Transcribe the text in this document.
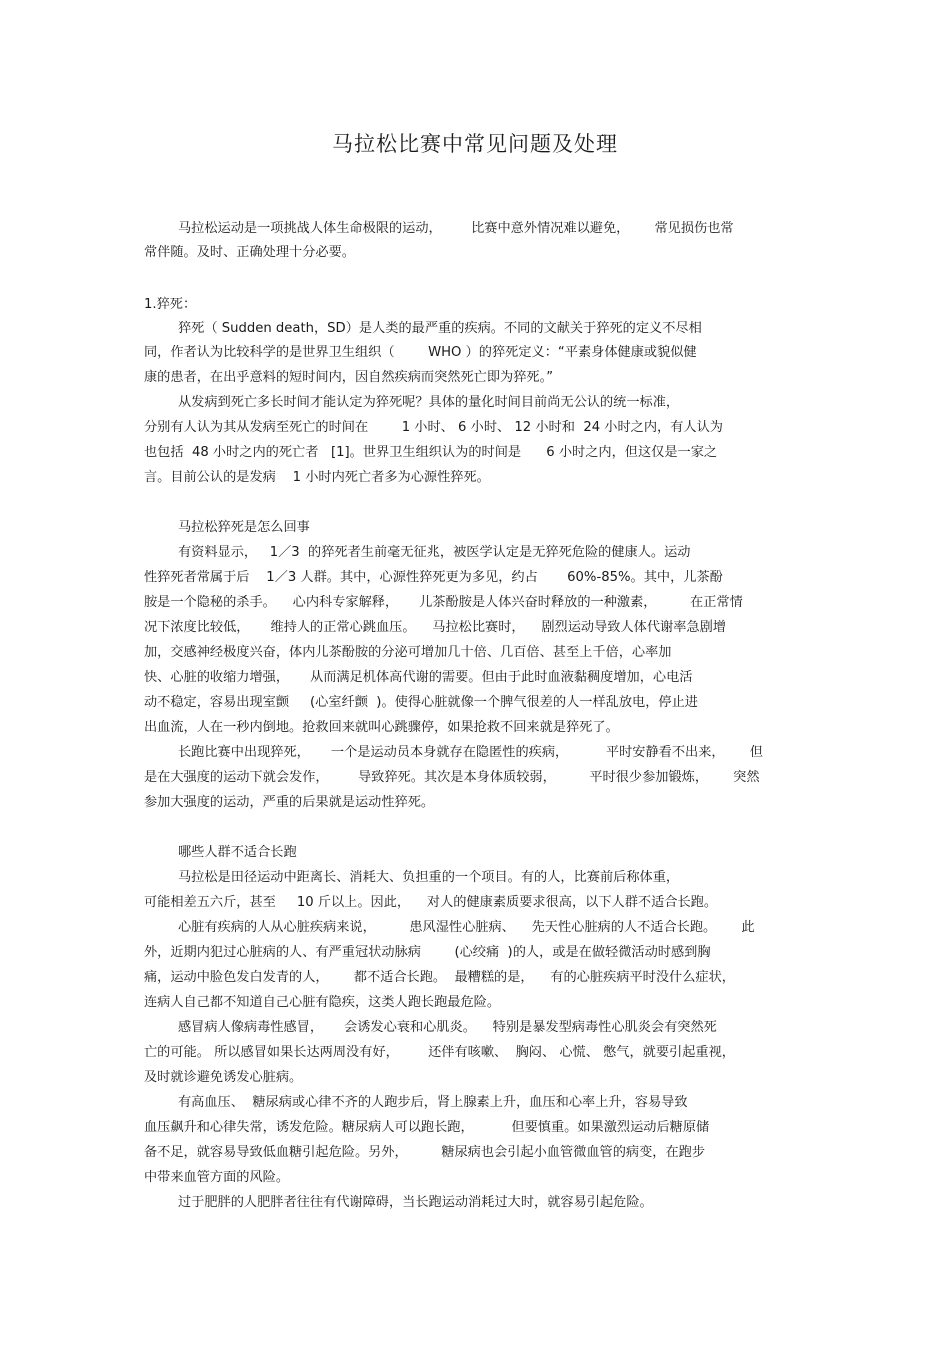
马拉松比赛中常见问题及处理
马拉松运动是一项挑战人体生命极限的运动，       比赛中意外情况难以避免，      常见损伤也常
常伴随。及时、正确处理十分必要。
1.猝死：
猝死（ Sudden death，SD）是人类的最严重的疾病。不同的文献关于猝死的定义不尽相
同，作者认为比较科学的是世界卫生组织（        WHO ）的猝死定义：“平素身体健康或貌似健
康的患者，在出乎意料的短时间内，因自然疾病而突然死亡即为猝死。”
从发病到死亡多长时间才能认定为猝死呢？具体的量化时间目前尚无公认的统一标准，
分别有人认为其从发病至死亡的时间在        1 小时、 6 小时、 12 小时和  24 小时之内，有人认为
也包括  48 小时之内的死亡者   [1]。世界卫生组织认为的时间是      6 小时之内，但这仅是一家之
言。目前公认的是发病    1 小时内死亡者多为心源性猝死。
马拉松猝死是怎么回事
有资料显示，   1／3  的猝死者生前毫无征兆，被医学认定是无猝死危险的健康人。运动
性猝死者常属于后    1／3 人群。其中，心源性猝死更为多见，约占       60%-85%。其中，儿茶酚
胺是一个隐秘的杀手。    心内科专家解释，     儿茶酚胺是人体兴奋时释放的一种激素，        在正常情
况下浓度比较低，     维持人的正常心跳血压。    马拉松比赛时，    剧烈运动导致人体代谢率急剧增
加，交感神经极度兴奋，体内儿茶酚胺的分泌可增加几十倍、几百倍、甚至上千倍，心率加
快、心脏的收缩力增强，     从而满足机体高代谢的需要。但由于此时血液黏稠度增加，心电活
动不稳定，容易出现室颤     (心室纤颤  )。使得心脏就像一个脾气很差的人一样乱放电，停止进
出血流，人在一秒内倒地。抢救回来就叫心跳骤停，如果抢救不回来就是猝死了。
长跑比赛中出现猝死，     一个是运动员本身就存在隐匿性的疾病，         平时安静看不出来，      但
是在大强度的运动下就会发作，       导致猝死。其次是本身体质较弱，        平时很少参加锻炼，      突然
参加大强度的运动，严重的后果就是运动性猝死。
哪些人群不适合长跑
马拉松是田径运动中距离长、消耗大、负担重的一个项目。有的人，比赛前后称体重，
可能相差五六斤，甚至     10 斤以上。因此，    对人的健康素质要求很高，以下人群不适合长跑。
心脏有疾病的人从心脏疾病来说，        患风湿性心脏病、    先天性心脏病的人不适合长跑。      此
外，近期内犯过心脏病的人、有严重冠状动脉病        (心绞痛  )的人，或是在做轻微活动时感到胸
痛，运动中脸色发白发青的人，      都不适合长跑。  最糟糕的是，    有的心脏疾病平时没什么症状，
连病人自己都不知道自己心脏有隐疾，这类人跑长跑最危险。
感冒病人像病毒性感冒，     会诱发心衰和心肌炎。    特别是暴发型病毒性心肌炎会有突然死
亡的可能。 所以感冒如果长达两周没有好，       还伴有咳嗽、  胸闷、 心慌、 憋气，就要引起重视，
及时就诊避免诱发心脏病。
有高血压、  糖尿病或心律不齐的人跑步后，肾上腺素上升，血压和心率上升，容易导致
血压飙升和心律失常，诱发危险。糖尿病人可以跑长跑，         但要慎重。如果激烈运动后糖原储
备不足，就容易导致低血糖引起危险。另外，        糖尿病也会引起小血管微血管的病变，在跑步
中带来血管方面的风险。
过于肥胖的人肥胖者往往有代谢障碍，当长跑运动消耗过大时，就容易引起危险。
